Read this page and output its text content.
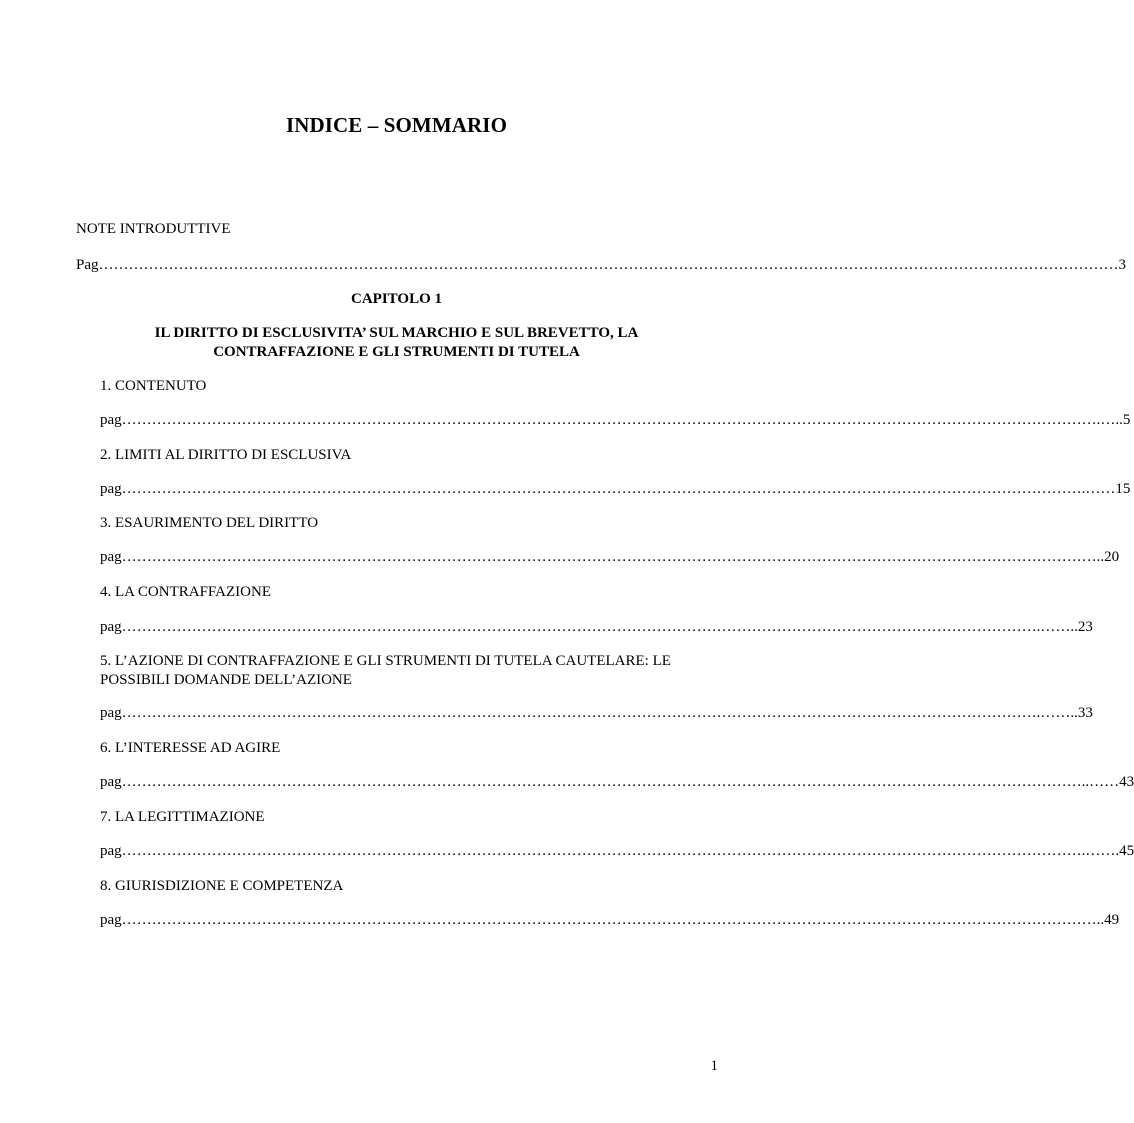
INDICE – SOMMARIO
NOTE INTRODUTTIVE
Pag……………………………………………………………………………………………………………………………………………………………………………………3
CAPITOLO 1
IL DIRITTO DI ESCLUSIVITA’ SUL MARCHIO E SUL BREVETTO, LA CONTRAFFAZIONE E GLI STRUMENTI DI TUTELA
1. CONTENUTO
pag…………………………………………………………………………………………………………………………………………………………………………….…..5
2. LIMITI AL DIRITTO DI ESCLUSIVA
pag………………………………………………………………………………………………………………………………………………………………………….……15
3. ESAURIMENTO DEL DIRITTO
pag……………………………………………………………………………………………………………………………………………………………………………..20
4. LA CONTRAFFAZIONE
pag………………………………………………………………………………………………………………………………………………………………….……..23
5. L’AZIONE DI CONTRAFFAZIONE E GLI STRUMENTI DI TUTELA CAUTELARE: LE POSSIBILI DOMANDE DELL’AZIONE
pag………………………………………………………………………………………………………………………………………………………………….……..33
6. L’INTERESSE AD AGIRE
pag…………………………………………………………………………………………………………………………………………………………………………..……43
7. LA LEGITTIMAZIONE
pag………………………………………………………………………………………………………………………………………………………………………….…….45
8. GIURISDIZIONE E COMPETENZA
pag……………………………………………………………………………………………………………………………………………………………………………..49
1
